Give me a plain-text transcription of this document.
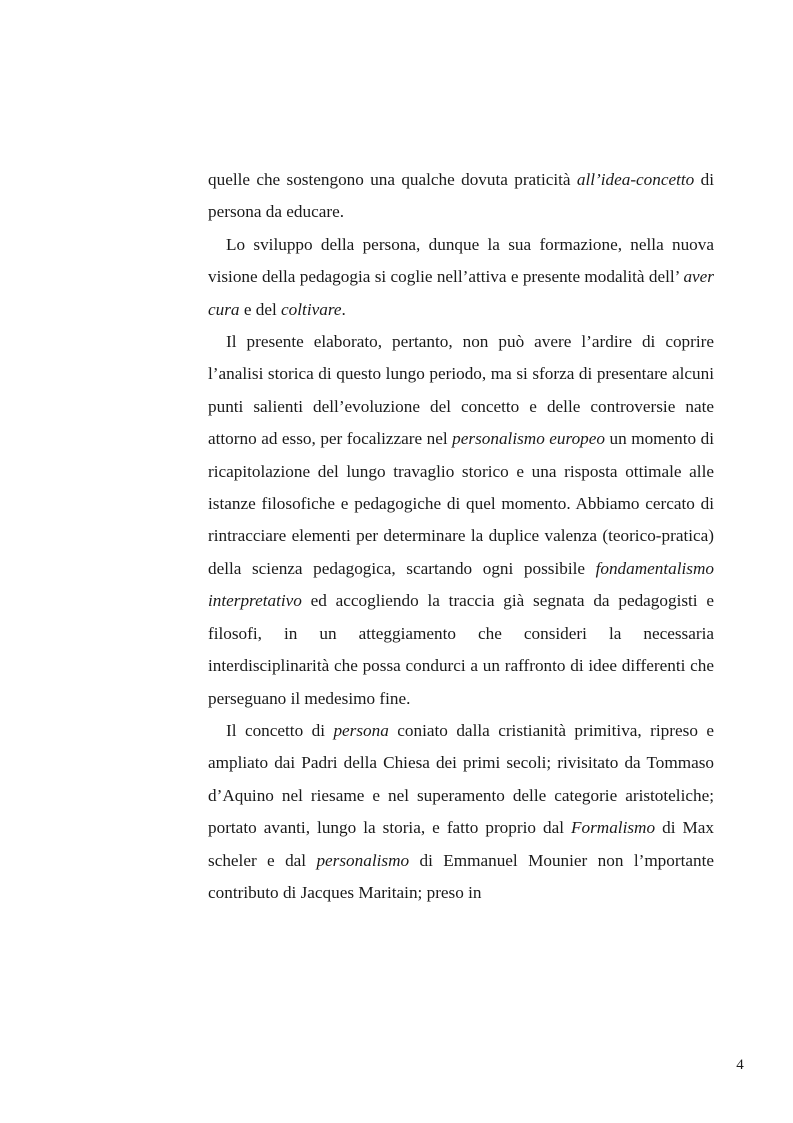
quelle che sostengono una qualche dovuta praticità all’idea-concetto di persona da educare.

Lo sviluppo della persona, dunque la sua formazione, nella nuova visione della pedagogia si coglie nell’attiva e presente modalità dell’ aver cura e del coltivare.

Il presente elaborato, pertanto, non può avere l’ardire di coprire l’analisi storica di questo lungo periodo, ma si sforza di presentare alcuni punti salienti dell’evoluzione del concetto e delle controversie nate attorno ad esso, per focalizzare nel personalismo europeo un momento di ricapitolazione del lungo travaglio storico e una risposta ottimale alle istanze filosofiche e pedagogiche di quel momento. Abbiamo cercato di rintracciare elementi per determinare la duplice valenza (teorico-pratica) della scienza pedagogica, scartando ogni possibile fondamentalismo interpretativo ed accogliendo la traccia già segnata da pedagogisti e filosofi, in un atteggiamento che consideri la necessaria interdisciplinarità che possa condurci a un raffronto di idee differenti che perseguano il medesimo fine.

Il concetto di persona coniato dalla cristianità primitiva, ripreso e ampliato dai Padri della Chiesa dei primi secoli; rivisitato da Tommaso d’Aquino nel riesame e nel superamento delle categorie aristoteliche; portato avanti, lungo la storia, e fatto proprio dal Formalismo di Max scheler e dal personalismo di Emmanuel Mounier non l’mportante contributo di Jacques Maritain; preso in

4
